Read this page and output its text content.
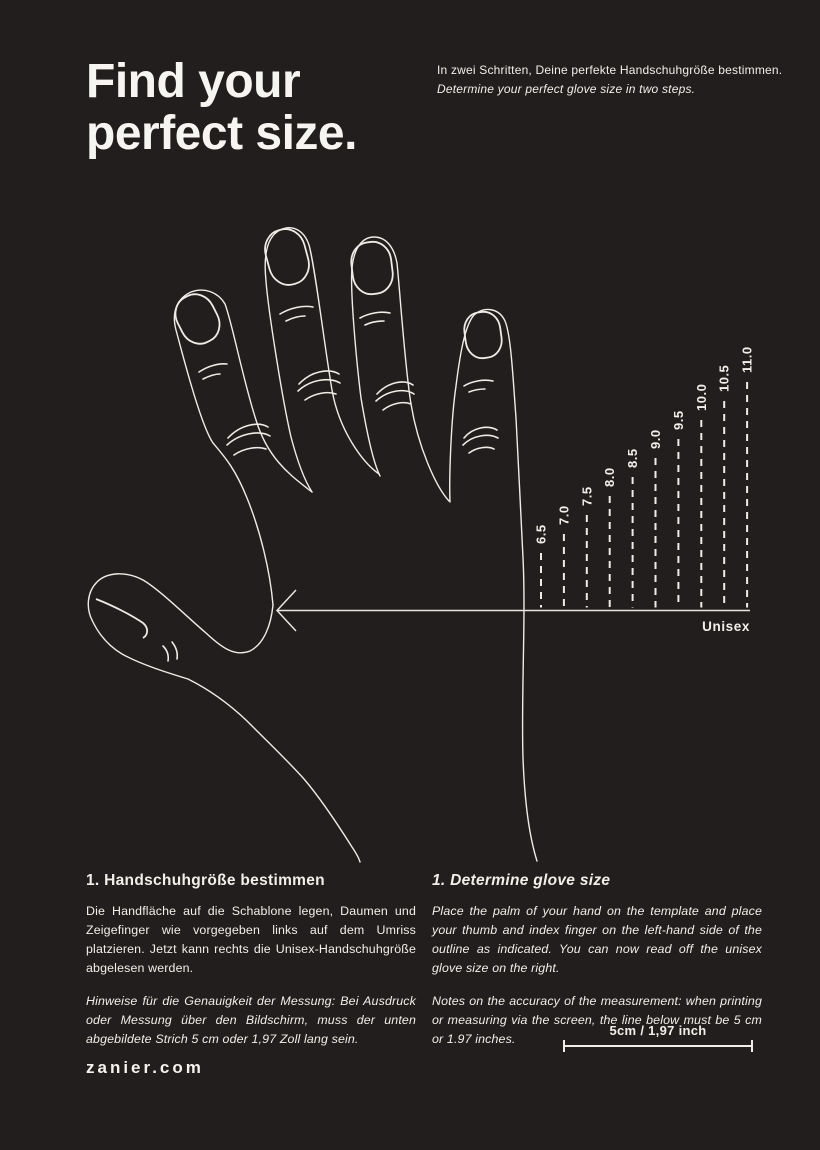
Find your
perfect size.

In zwei Schritten, Deine perfekte Handschuhgröße bestimmen.

Determine your perfect glove size in two steps.

6.5
7.0
7.5
8.0
8.5
9.0
9.5
10.0
10.5
11.0
Unisex
5cm / 1,97 inch
1. Handschuhgröße bestimmen

Die Handfläche auf die Schablone legen, Daumen und Zeigefinger wie vorgegeben links auf dem Umriss platzieren. Jetzt kann rechts die Unisex-Handschuhgröße abgelesen werden.

Hinweise für die Genauigkeit der Messung: Bei Ausdruck oder Messung über den Bildschirm, muss der unten abgebildete Strich 5 cm oder 1,97 Zoll lang sein.

1. Determine glove size

Place the palm of your hand on the template and place your thumb and index finger on the left-hand side of the outline as indicated. You can now read off the unisex glove size on the right.

Notes on the accuracy of the measurement: when printing or measuring via the screen, the line below must be 5 cm or 1.97 inches.

zanier.com
